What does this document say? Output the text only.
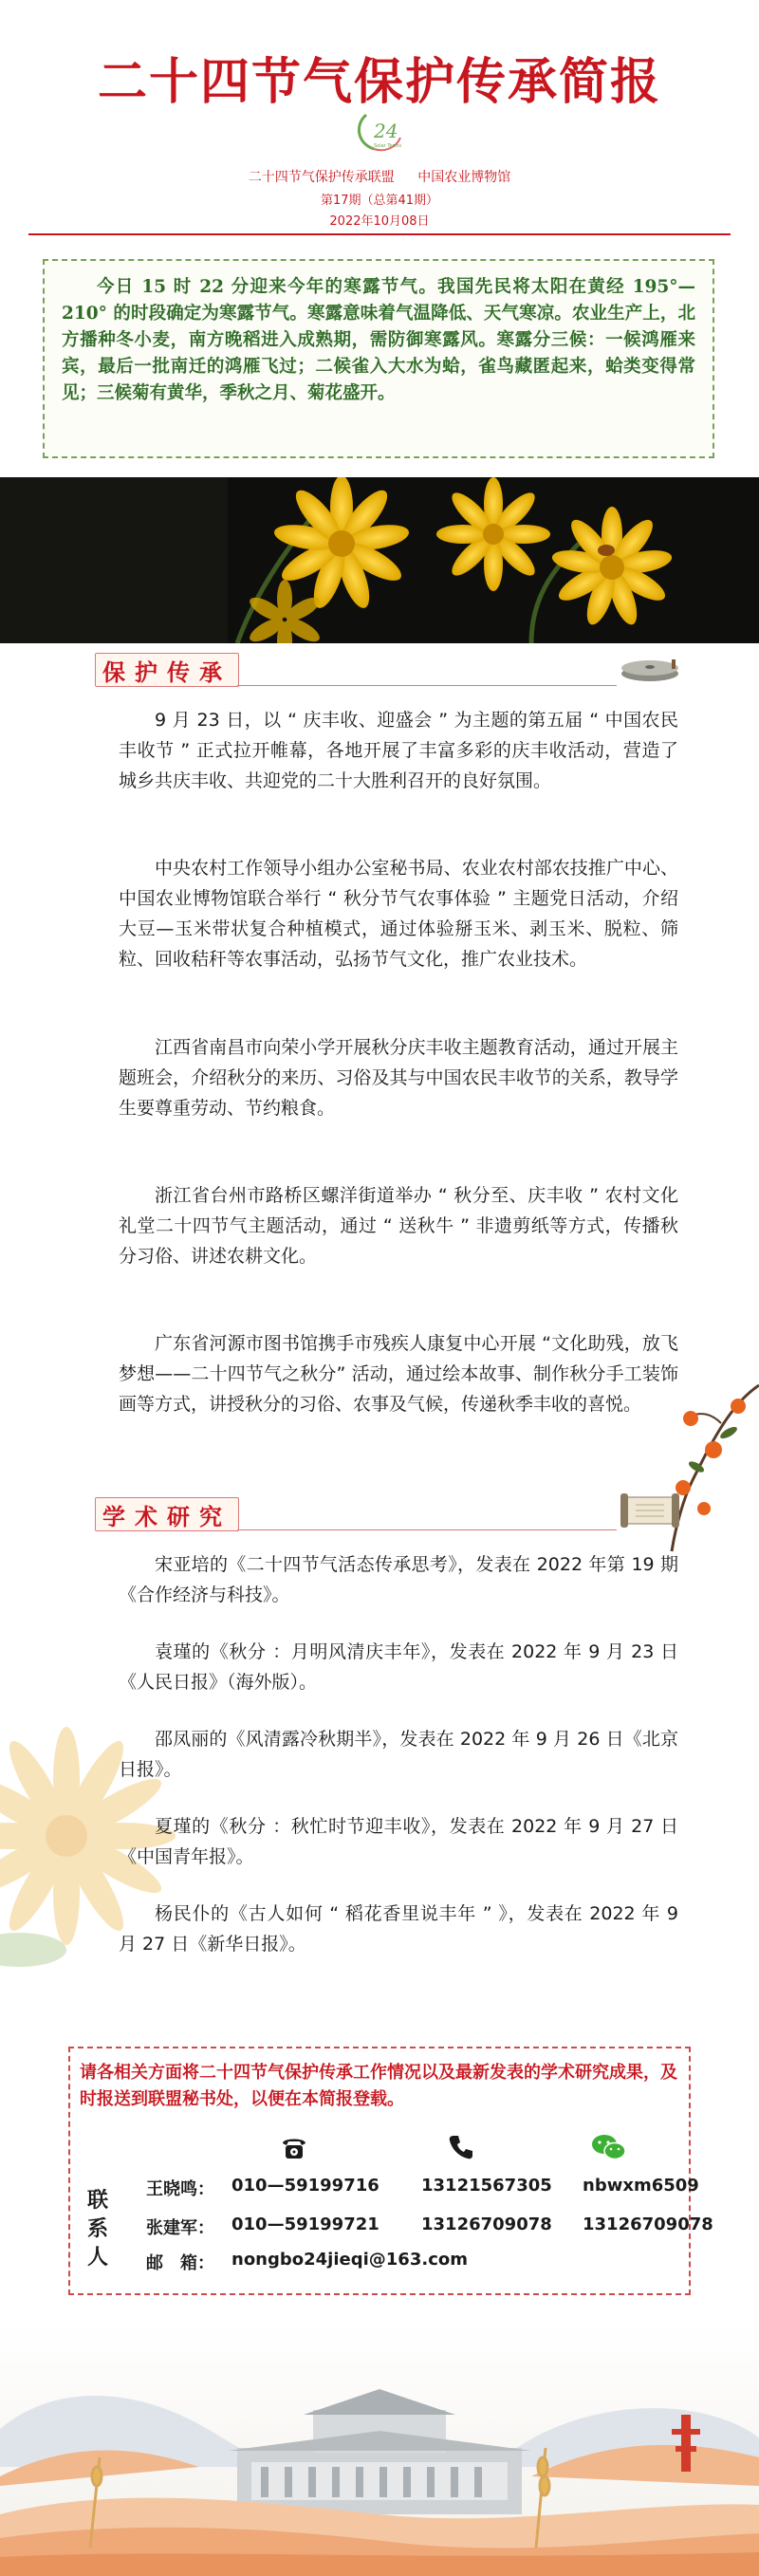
二十四节气保护传承简报
24
Solar Terms
二十四节气保护传承联盟 中国农业博物馆
第17期（总第41期）
2022年10月08日

今日 15 时 22 分迎来今年的寒露节气。我国先民将太阳在黄经 195°—210° 的时段确定为寒露节气。寒露意味着气温降低、天气寒凉。农业生产上，北方播种冬小麦，南方晚稻进入成熟期，需防御寒露风。寒露分三候：一候鸿雁来宾，最后一批南迁的鸿雁飞过；二候雀入大水为蛤，雀鸟藏匿起来，蛤类变得常见；三候菊有黄华，季秋之月、菊花盛开。

保护传承

9 月 23 日，以 “ 庆丰收、迎盛会 ” 为主题的第五届 “ 中国农民丰收节 ” 正式拉开帷幕，各地开展了丰富多彩的庆丰收活动，营造了城乡共庆丰收、共迎党的二十大胜利召开的良好氛围。

中央农村工作领导小组办公室秘书局、农业农村部农技推广中心、中国农业博物馆联合举行 “ 秋分节气农事体验 ” 主题党日活动，介绍大豆—玉米带状复合种植模式，通过体验掰玉米、剥玉米、脱粒、筛粒、回收秸秆等农事活动，弘扬节气文化，推广农业技术。

江西省南昌市向荣小学开展秋分庆丰收主题教育活动，通过开展主题班会，介绍秋分的来历、习俗及其与中国农民丰收节的关系，教导学生要尊重劳动、节约粮食。

浙江省台州市路桥区螺洋街道举办 “ 秋分至、庆丰收 ” 农村文化礼堂二十四节气主题活动，通过 “ 送秋牛 ” 非遗剪纸等方式，传播秋分习俗、讲述农耕文化。

广东省河源市图书馆携手市残疾人康复中心开展 “文化助残，放飞梦想——二十四节气之秋分” 活动，通过绘本故事、制作秋分手工装饰画等方式，讲授秋分的习俗、农事及气候，传递秋季丰收的喜悦。

学术研究

宋亚培的《二十四节气活态传承思考》，发表在 2022 年第 19 期《合作经济与科技》。

袁瑾的《秋分 ：月明风清庆丰年》，发表在 2022 年 9 月 23 日《人民日报》（海外版）。

邵凤丽的《风清露冷秋期半》，发表在 2022 年 9 月 26 日《北京日报》。

夏瑾的《秋分 ：秋忙时节迎丰收》，发表在 2022 年 9 月 27 日《中国青年报》。

杨民仆的《古人如何 “ 稻花香里说丰年 ” 》，发表在 2022 年 9 月 27 日《新华日报》。

请各相关方面将二十四节气保护传承工作情况以及最新发表的学术研究成果，及时报送到联盟秘书处，以便在本简报登载。

联系人
王晓鸣： 010—59199716 13121567305 nbwxm6509
张建军： 010—59199721 13126709078 13126709078
邮　箱： nongbo24jieqi@163.com
